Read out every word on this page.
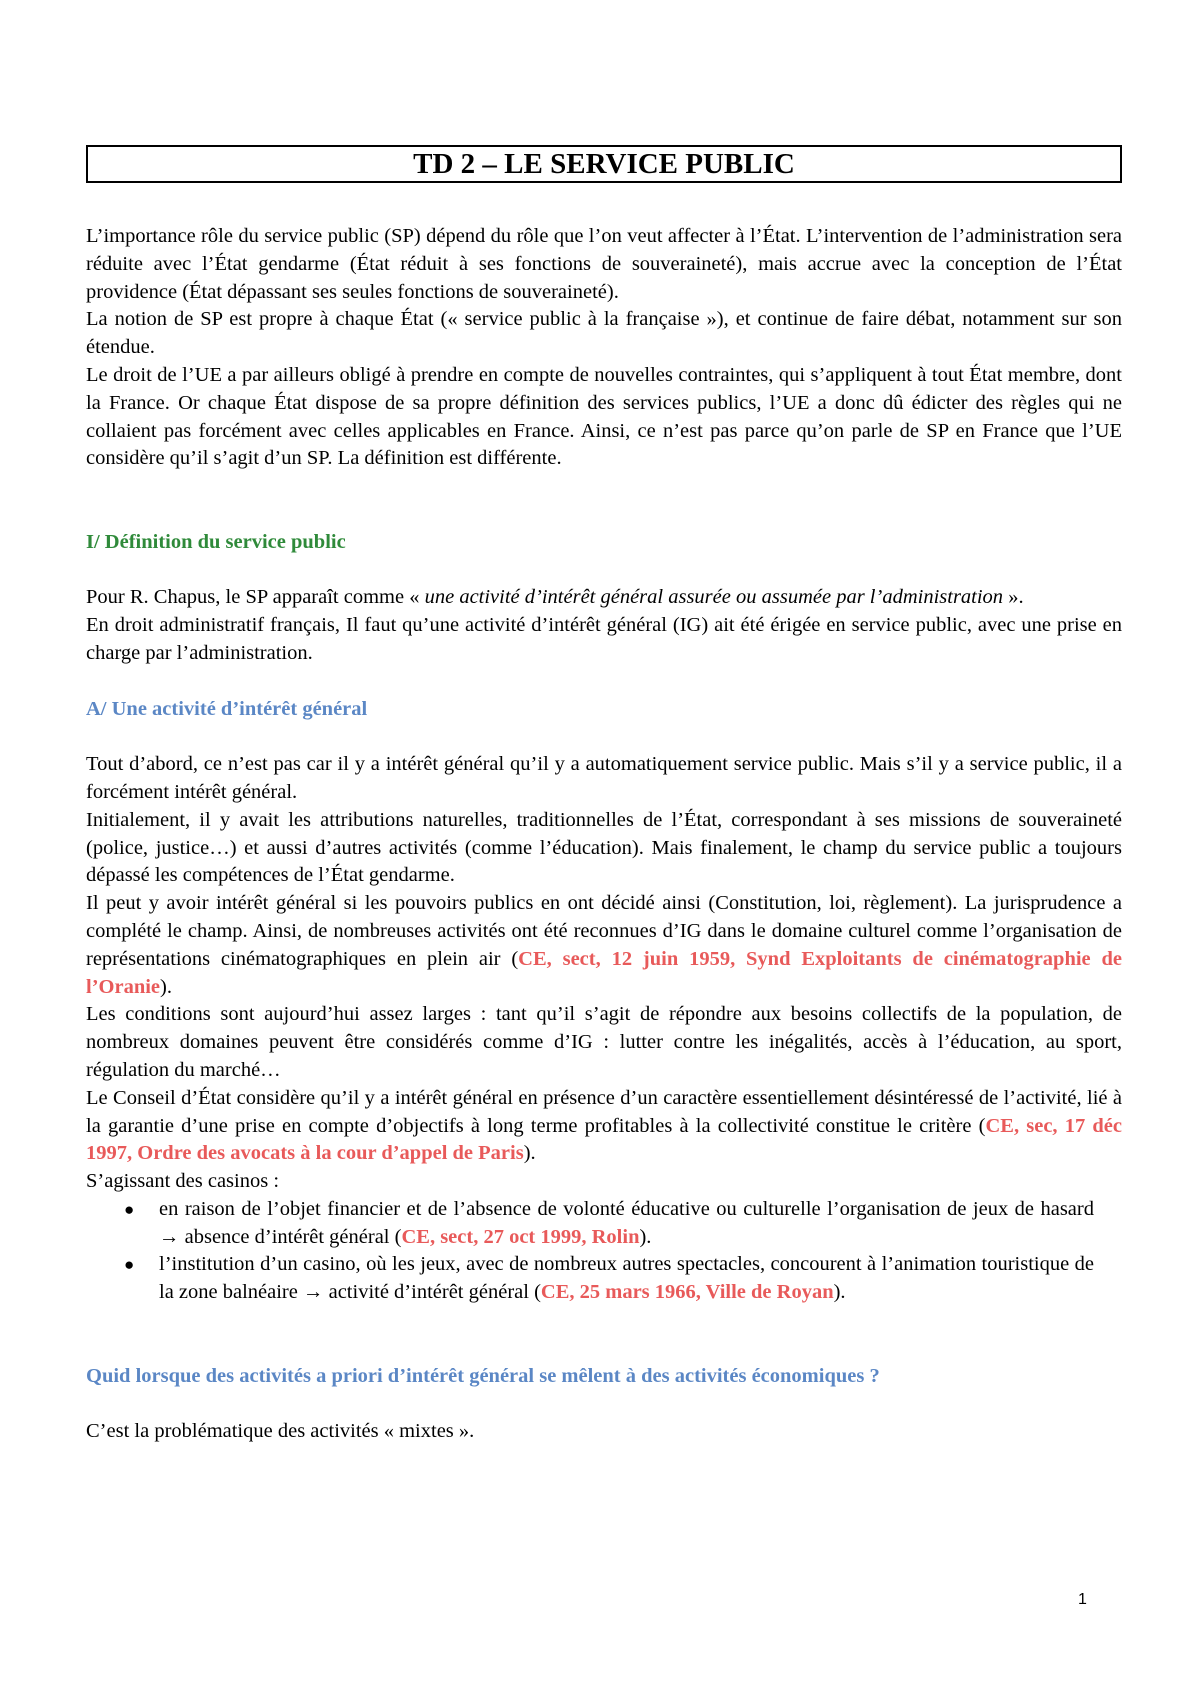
TD 2 – LE SERVICE PUBLIC

L’importance rôle du service public (SP) dépend du rôle que l’on veut affecter à l’État. L’intervention de l’administration sera réduite avec l’État gendarme (État réduit à ses fonctions de souveraineté), mais accrue avec la conception de l’État providence (État dépassant ses seules fonctions de souveraineté).

La notion de SP est propre à chaque État (« service public à la française »), et continue de faire débat, notamment sur son étendue.

Le droit de l’UE a par ailleurs obligé à prendre en compte de nouvelles contraintes, qui s’appliquent à tout État membre, dont la France. Or chaque État dispose de sa propre définition des services publics, l’UE a donc dû édicter des règles qui ne collaient pas forcément avec celles applicables en France. Ainsi, ce n’est pas parce qu’on parle de SP en France que l’UE considère qu’il s’agit d’un SP. La définition est différente.

I/ Définition du service public

Pour R. Chapus, le SP apparaît comme « une activité d’intérêt général assurée ou assumée par l’administration ».

En droit administratif français, Il faut qu’une activité d’intérêt général (IG) ait été érigée en service public, avec une prise en charge par l’administration.

A/ Une activité d’intérêt général

Tout d’abord, ce n’est pas car il y a intérêt général qu’il y a automatiquement service public. Mais s’il y a service public, il a forcément intérêt général.

Initialement, il y avait les attributions naturelles, traditionnelles de l’État, correspondant à ses missions de souveraineté (police, justice…) et aussi d’autres activités (comme l’éducation). Mais finalement, le champ du service public a toujours dépassé les compétences de l’État gendarme.

Il peut y avoir intérêt général si les pouvoirs publics en ont décidé ainsi (Constitution, loi, règlement). La jurisprudence a complété le champ. Ainsi, de nombreuses activités ont été reconnues d’IG dans le domaine culturel comme l’organisation de représentations cinématographiques en plein air (CE, sect, 12 juin 1959, Synd Exploitants de cinématographie de l’Oranie).

Les conditions sont aujourd’hui assez larges : tant qu’il s’agit de répondre aux besoins collectifs de la population, de nombreux domaines peuvent être considérés comme d’IG : lutter contre les inégalités, accès à l’éducation, au sport, régulation du marché…

Le Conseil d’État considère qu’il y a intérêt général en présence d’un caractère essentiellement désintéressé de l’activité, lié à la garantie d’une prise en compte d’objectifs à long terme profitables à la collectivité constitue le critère (CE, sec, 17 déc 1997, Ordre des avocats à la cour d’appel de Paris).

S’agissant des casinos :

● en raison de l’objet financier et de l’absence de volonté éducative ou culturelle l’organisation de jeux de hasard → absence d’intérêt général (CE, sect, 27 oct 1999, Rolin).
● l’institution d’un casino, où les jeux, avec de nombreux autres spectacles, concourent à l’animation touristique de la zone balnéaire → activité d’intérêt général (CE, 25 mars 1966, Ville de Royan).
Quid lorsque des activités a priori d’intérêt général se mêlent à des activités économiques ?

C’est la problématique des activités « mixtes ».

1
